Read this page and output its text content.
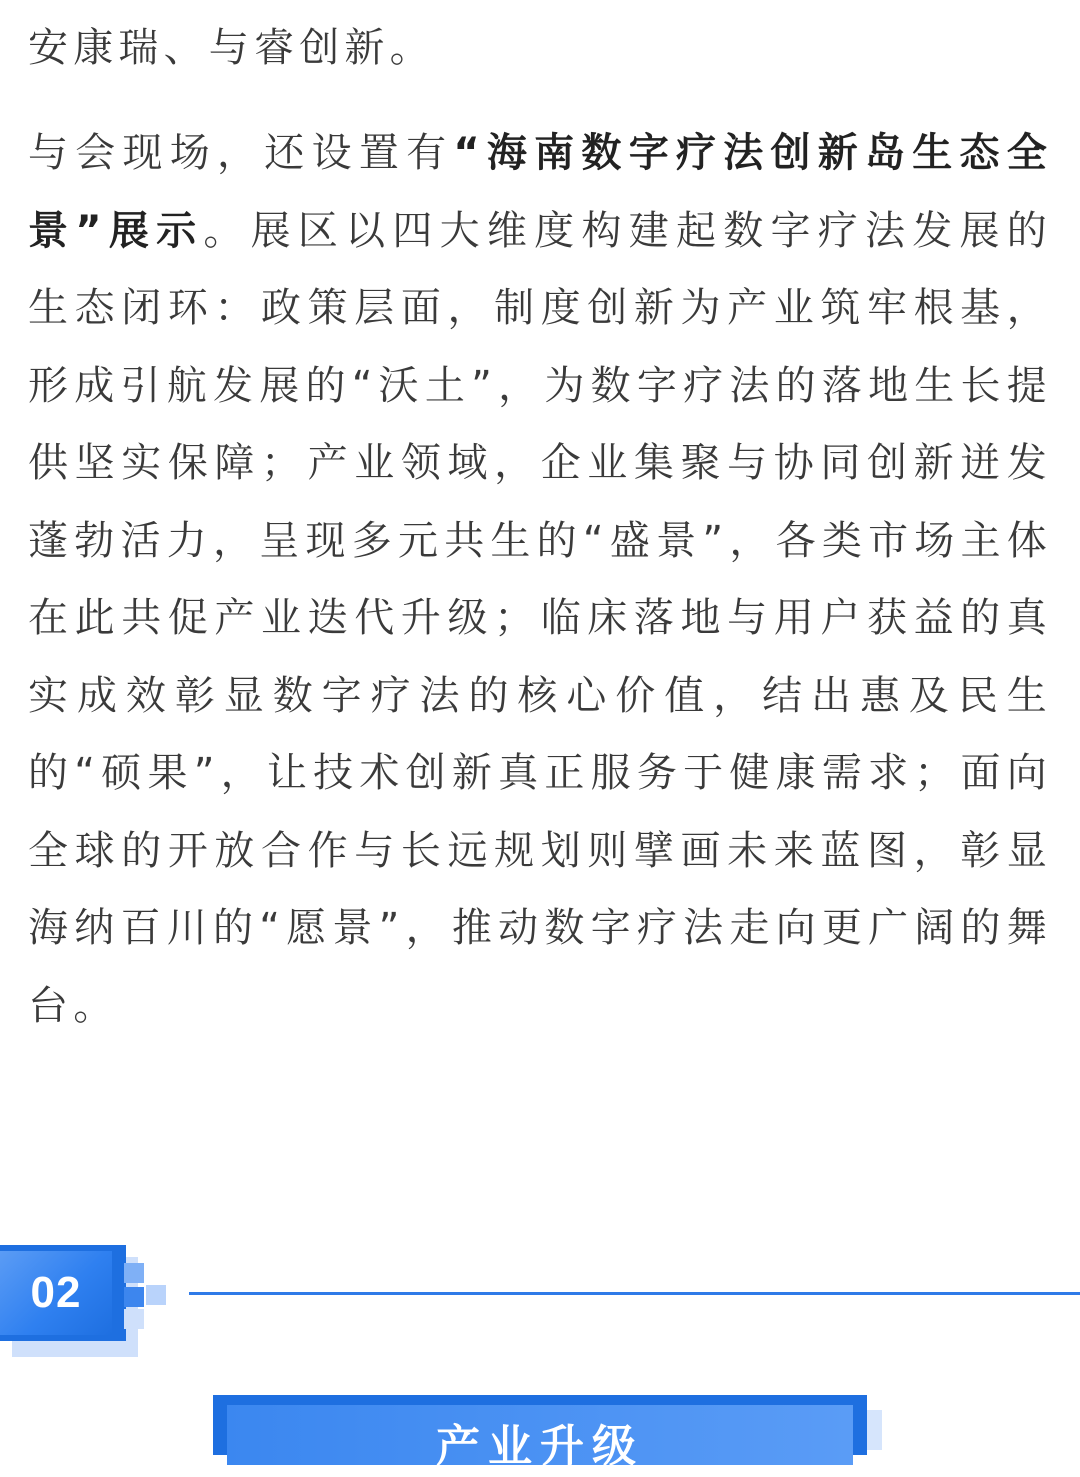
安康瑞、与睿创新。

与会现场，还设置有“海南数字疗法创新岛生态全景”展示。展区以四大维度构建起数字疗法发展的生态闭环：政策层面，制度创新为产业筑牢根基，形成引航发展的“沃土”，为数字疗法的落地生长提供坚实保障；产业领域，企业集聚与协同创新迸发蓬勃活力，呈现多元共生的“盛景”，各类市场主体在此共促产业迭代升级；临床落地与用户获益的真实成效彰显数字疗法的核心价值，结出惠及民生的“硕果”，让技术创新真正服务于健康需求；面向全球的开放合作与长远规划则擘画未来蓝图，彰显海纳百川的“愿景”，推动数字疗法走向更广阔的舞台。

02
产业升级
